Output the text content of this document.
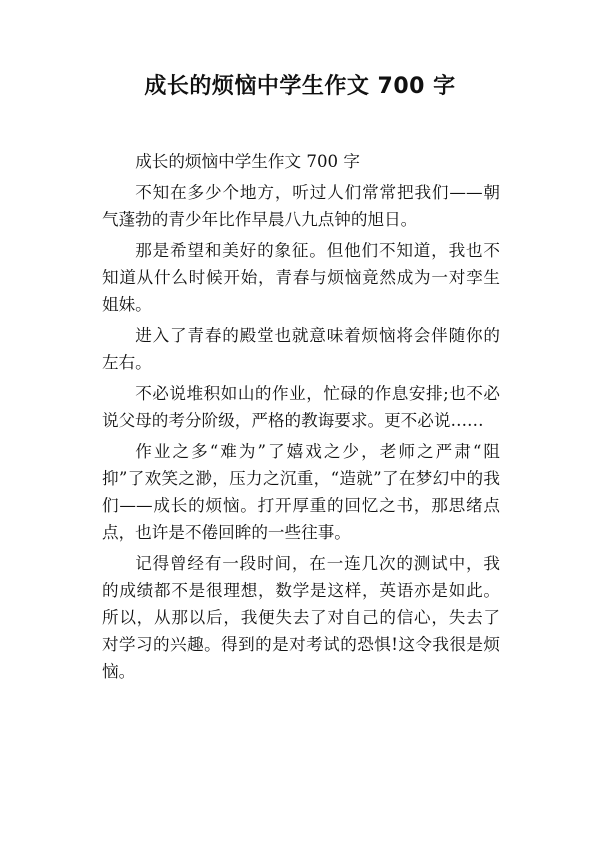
成长的烦恼中学生作文 700 字

成长的烦恼中学生作文 700 字

不知在多少个地方，听过人们常常把我们——朝气蓬勃的青少年比作早晨八九点钟的旭日。

那是希望和美好的象征。但他们不知道，我也不知道从什么时候开始，青春与烦恼竟然成为一对孪生姐妹。

进入了青春的殿堂也就意味着烦恼将会伴随你的左右。

不必说堆积如山的作业，忙碌的作息安排;也不必说父母的考分阶级，严格的教诲要求。更不必说……

作业之多“难为”了嬉戏之少，老师之严肃“阻抑”了欢笑之渺，压力之沉重，“造就”了在梦幻中的我们——成长的烦恼。打开厚重的回忆之书，那思绪点点，也许是不倦回眸的一些往事。

记得曾经有一段时间，在一连几次的测试中，我的成绩都不是很理想，数学是这样，英语亦是如此。所以，从那以后，我便失去了对自己的信心，失去了对学习的兴趣。得到的是对考试的恐惧!这令我很是烦恼。
